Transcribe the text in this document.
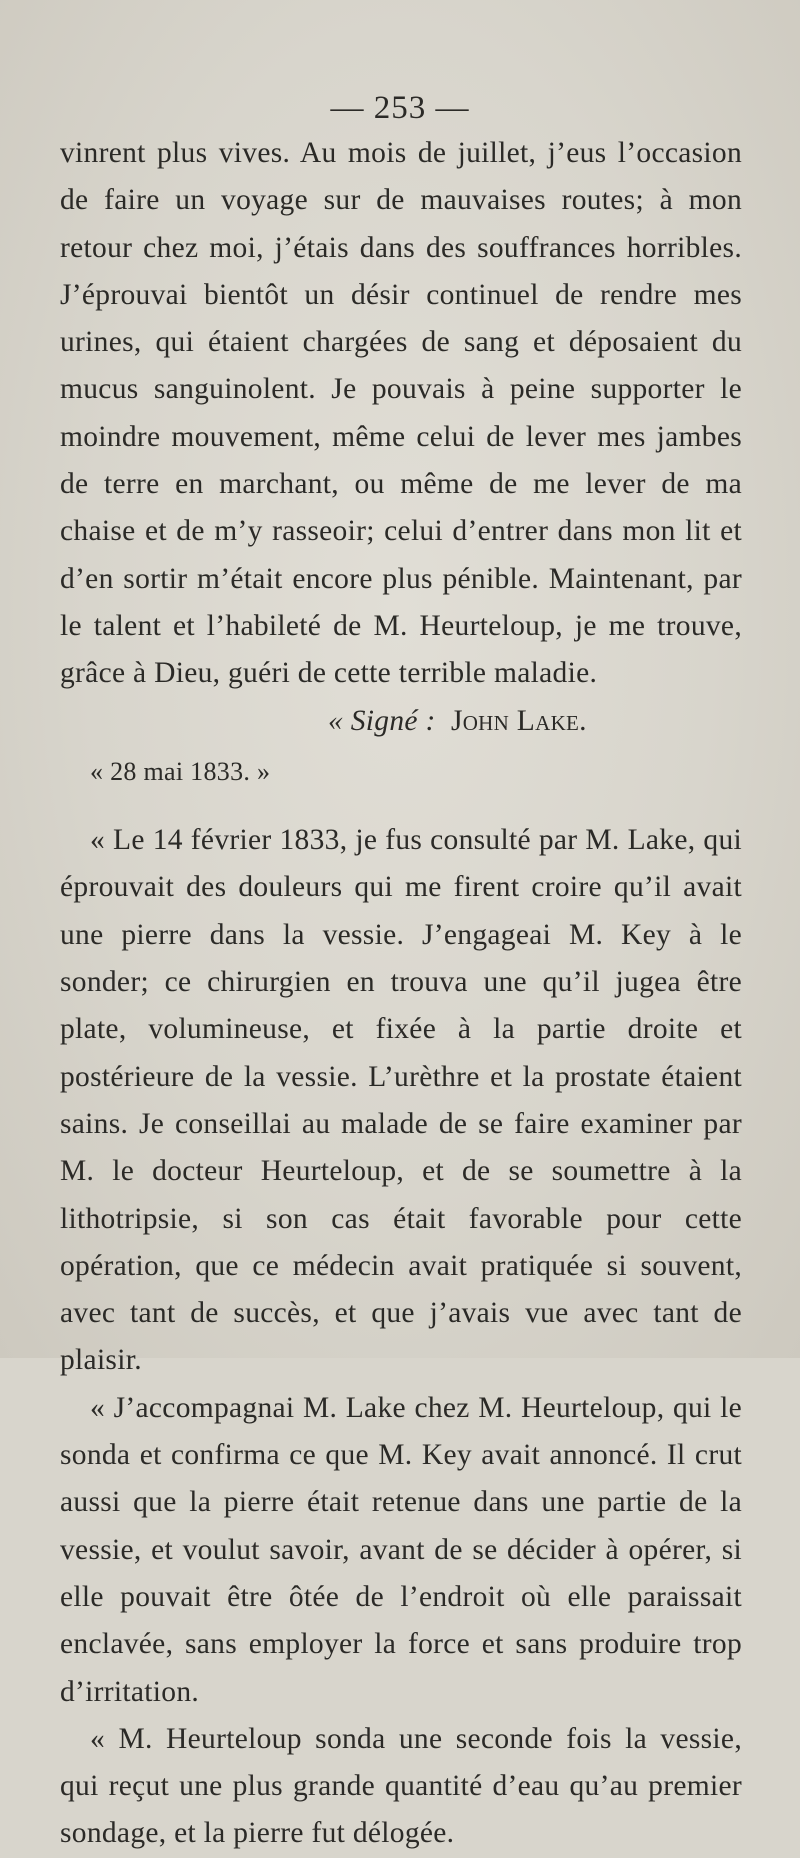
— 253 —

vinrent plus vives. Au mois de juillet, j’eus l’occasion de faire un voyage sur de mauvaises routes; à mon retour chez moi, j’étais dans des souffrances horribles. J’éprouvai bientôt un désir continuel de rendre mes urines, qui étaient chargées de sang et déposaient du mucus sanguinolent. Je pouvais à peine supporter le moindre mouvement, même celui de lever mes jambes de terre en marchant, ou même de me lever de ma chaise et de m’y rasseoir; celui d’entrer dans mon lit et d’en sortir m’était encore plus pénible. Maintenant, par le talent et l’habileté de M. Heurteloup, je me trouve, grâce à Dieu, guéri de cette terrible maladie.

« Signé : John Lake.

« 28 mai 1833. »

« Le 14 février 1833, je fus consulté par M. Lake, qui éprouvait des douleurs qui me firent croire qu’il avait une pierre dans la vessie. J’engageai M. Key à le sonder; ce chirurgien en trouva une qu’il jugea être plate, volumineuse, et fixée à la partie droite et postérieure de la vessie. L’urèthre et la prostate étaient sains. Je conseillai au malade de se faire examiner par M. le docteur Heurteloup, et de se soumettre à la lithotripsie, si son cas était favorable pour cette opération, que ce médecin avait pratiquée si souvent, avec tant de succès, et que j’avais vue avec tant de plaisir.

« J’accompagnai M. Lake chez M. Heurteloup, qui le sonda et confirma ce que M. Key avait annoncé. Il crut aussi que la pierre était retenue dans une partie de la vessie, et voulut savoir, avant de se décider à opérer, si elle pouvait être ôtée de l’endroit où elle paraissait enclavée, sans employer la force et sans produire trop d’irritation.

« M. Heurteloup sonda une seconde fois la vessie, qui reçut une plus grande quantité d’eau qu’au premier sondage, et la pierre fut délogée.
